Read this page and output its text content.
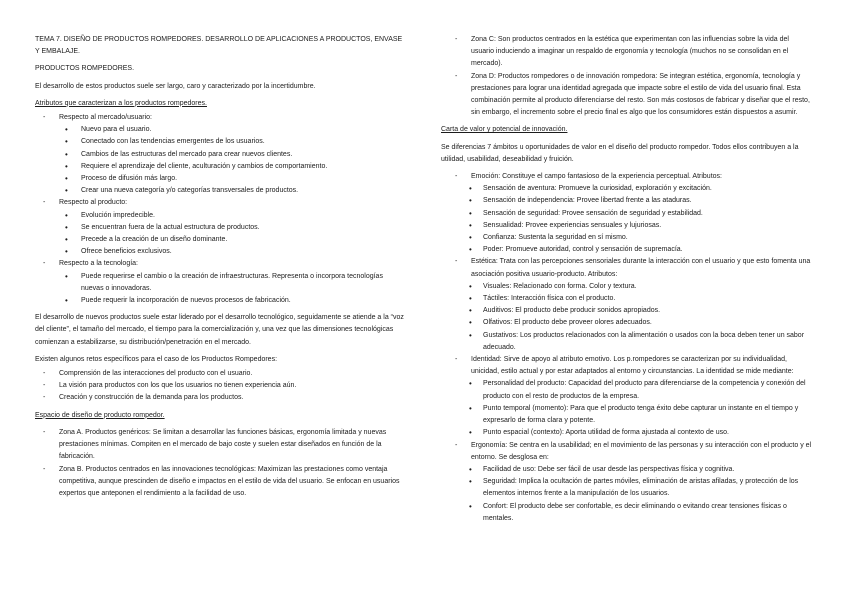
TEMA 7. DISEÑO DE PRODUCTOS ROMPEDORES. DESARROLLO DE APLICACIONES A PRODUCTOS, ENVASE Y EMBALAJE.

PRODUCTOS ROMPEDORES.

El desarrollo de estos productos suele ser largo, caro y caracterizado por la incertidumbre.

Atributos que caracterizan a los productos rompedores.

- Respecto al mercado/usuario:
• Nuevo para el usuario.
• Conectado con las tendencias emergentes de los usuarios.
• Cambios de las estructuras del mercado para crear nuevos clientes.
• Requiere el aprendizaje del cliente, aculturación y cambios de comportamiento.
• Proceso de difusión más largo.
• Crear una nueva categoría y/o categorías transversales de productos.
- Respecto al producto:
• Evolución impredecible.
• Se encuentran fuera de la actual estructura de productos.
• Precede a la creación de un diseño dominante.
• Ofrece beneficios exclusivos.
- Respecto a la tecnología:
• Puede requerirse el cambio o la creación de infraestructuras. Representa o incorpora tecnologías nuevas o innovadoras.
• Puede requerir la incorporación de nuevos procesos de fabricación.

El desarrollo de nuevos productos suele estar liderado por el desarrollo tecnológico, seguidamente se atiende a la “voz del cliente”, el tamaño del mercado, el tiempo para la comercialización y, una vez que las dimensiones tecnológicas comienzan a estabilizarse, su distribución/penetración en el mercado.

Existen algunos retos específicos para el caso de los Productos Rompedores:

- Comprensión de las interacciones del producto con el usuario.
- La visión para productos con los que los usuarios no tienen experiencia aún.
- Creación y construcción de la demanda para los productos.

Espacio de diseño de producto rompedor.

- Zona A. Productos genéricos: Se limitan a desarrollar las funciones básicas, ergonomía limitada y nuevas prestaciones mínimas. Compiten en el mercado de bajo coste y suelen estar diseñados en función de la fabricación.
- Zona B. Productos centrados en las innovaciones tecnológicas: Maximizan las prestaciones como ventaja competitiva, aunque prescinden de diseño e impactos en el estilo de vida del usuario. Se enfocan en usuarios expertos que anteponen el rendimiento a la facilidad de uso.
- Zona C: Son productos centrados en la estética que experimentan con las influencias sobre la vida del usuario induciendo a imaginar un respaldo de ergonomía y tecnología (muchos no se consolidan en el mercado).
- Zona D: Productos rompedores o de innovación rompedora: Se integran estética, ergonomía, tecnología y prestaciones para lograr una identidad agregada que impacte sobre el estilo de vida del usuario final. Esta combinación permite al producto diferenciarse del resto. Son más costosos de fabricar y diseñar que el resto, sin embargo, el incremento sobre el precio final es algo que los consumidores están dispuestos a asumir.

Carta de valor y potencial de innovación.

Se diferencias 7 ámbitos u oportunidades de valor en el diseño del producto rompedor. Todos ellos contribuyen a la utilidad, usabilidad, deseabilidad y fruición.

- Emoción: Constituye el campo fantasioso de la experiencia perceptual. Atributos:
• Sensación de aventura: Promueve la curiosidad, exploración y excitación.
• Sensación de independencia: Provee libertad frente a las ataduras.
• Sensación de seguridad: Provee sensación de seguridad y estabilidad.
• Sensualidad: Provee experiencias sensuales y lujuriosas.
• Confianza: Sustenta la seguridad en sí mismo.
• Poder: Promueve autoridad, control y sensación de supremacía.
- Estética: Trata con las percepciones sensoriales durante la interacción con el usuario y que esto fomenta una asociación positiva usuario-producto. Atributos:
• Visuales: Relacionado con forma. Color y textura.
• Táctiles: Interacción física con el producto.
• Auditivos: El producto debe producir sonidos apropiados.
• Olfativos: El producto debe proveer olores adecuados.
• Gustativos: Los productos relacionados con la alimentación o usados con la boca deben tener un sabor adecuado.
- Identidad: Sirve de apoyo al atributo emotivo. Los p.rompedores se caracterizan por su individualidad, unicidad, estilo actual y por estar adaptados al entorno y circunstancias. La identidad se mide mediante:
• Personalidad del producto: Capacidad del producto para diferenciarse de la competencia y conexión del producto con el resto de productos de la empresa.
• Punto temporal (momento): Para que el producto tenga éxito debe capturar un instante en el tiempo y expresarlo de forma clara y potente.
• Punto espacial (contexto): Aporta utilidad de forma ajustada al contexto de uso.
- Ergonomía: Se centra en la usabilidad; en el movimiento de las personas y su interacción con el producto y el entorno. Se desglosa en:
• Facilidad de uso: Debe ser fácil de usar desde las perspectivas física y cognitiva.
• Seguridad: Implica la ocultación de partes móviles, eliminación de aristas afiladas, y protección de los elementos internos frente a la manipulación de los usuarios.
• Confort: El producto debe ser confortable, es decir eliminando o evitando crear tensiones físicas o mentales.
